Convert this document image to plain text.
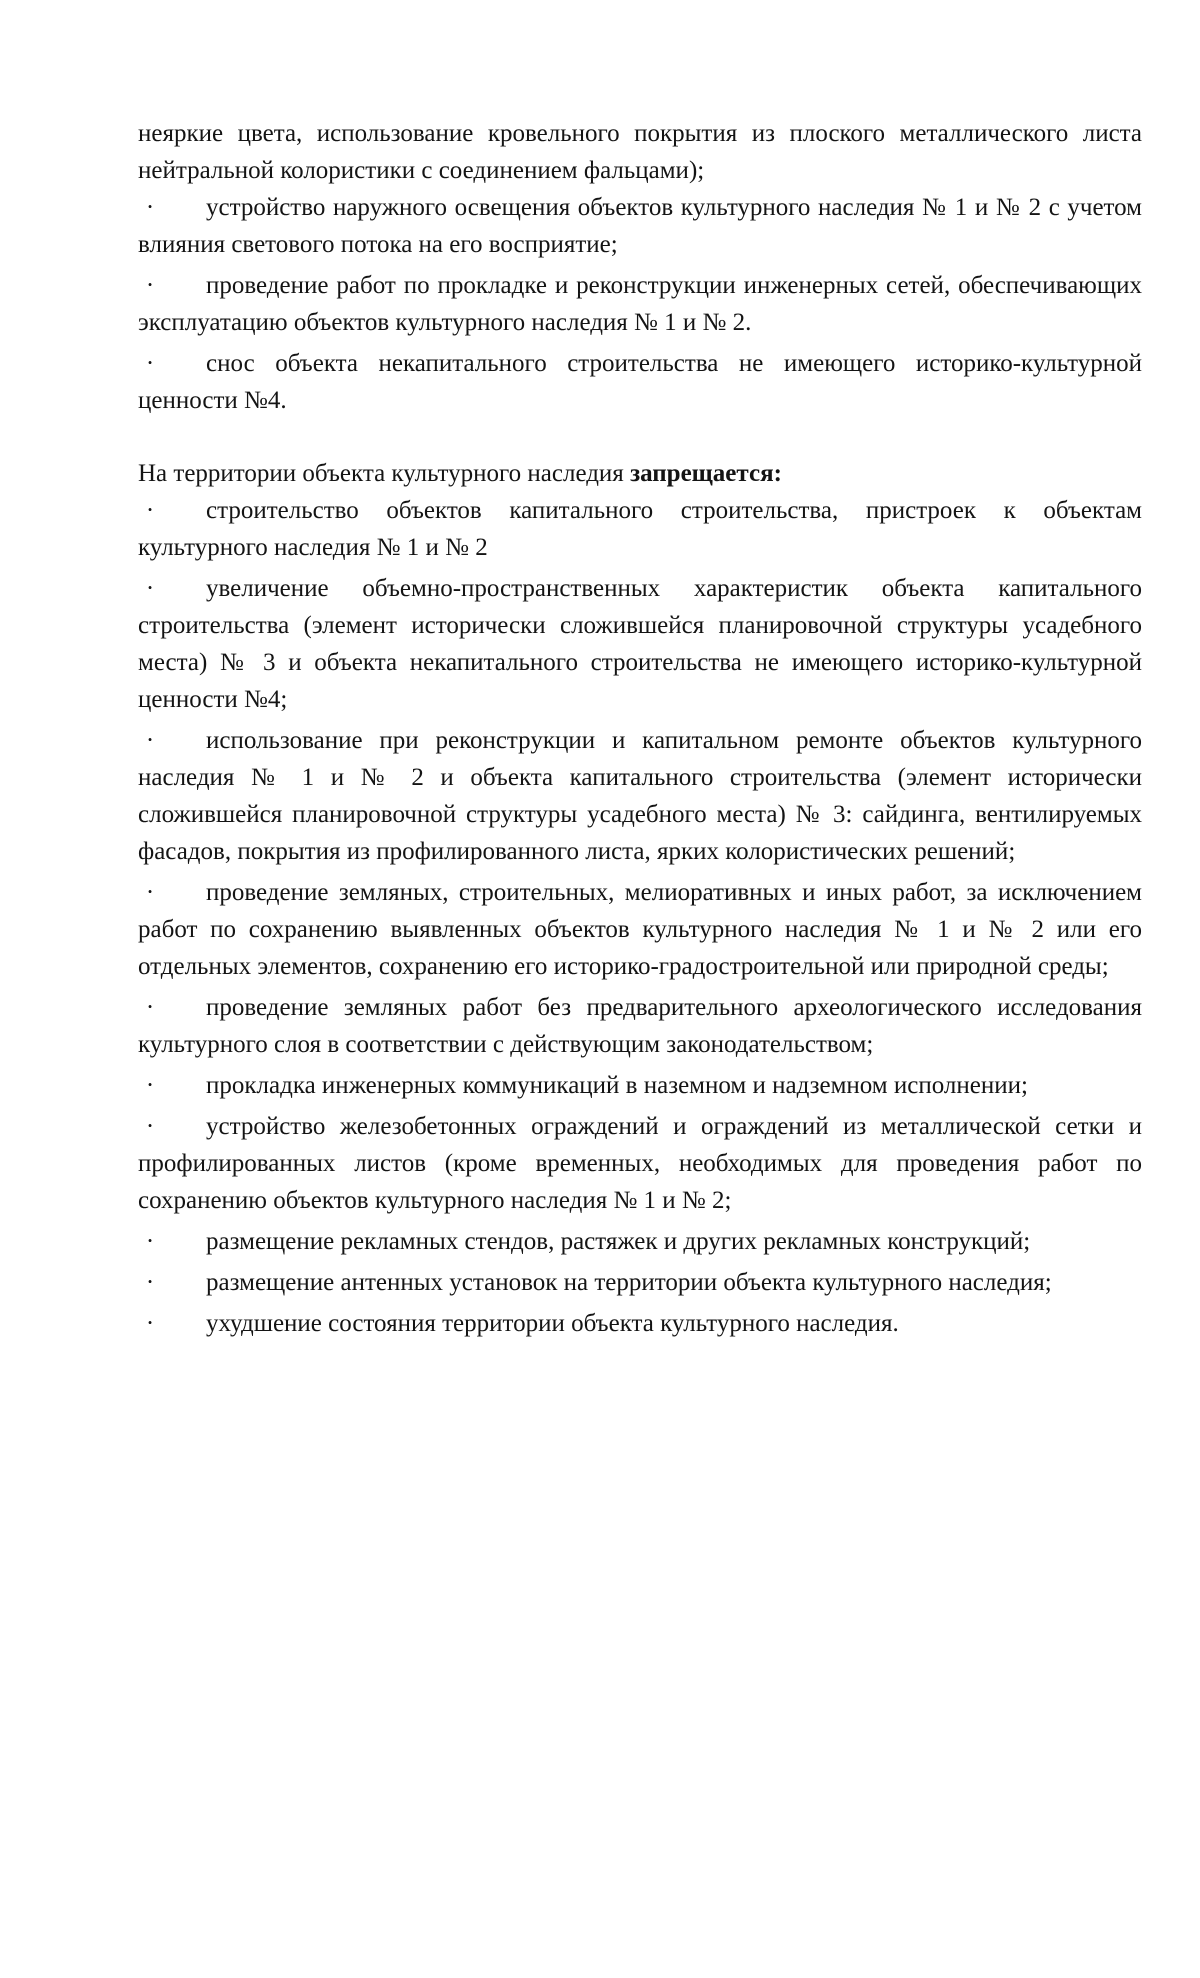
неяркие цвета, использование кровельного покрытия из плоского металлического листа нейтральной колористики с соединением фальцами);

·	устройство наружного освещения объектов культурного наследия № 1 и № 2 с учетом влияния светового потока на его восприятие;
·	проведение работ по прокладке и реконструкции инженерных сетей, обеспечивающих эксплуатацию объектов культурного наследия № 1 и № 2.
·	снос объекта некапитального строительства не имеющего историко-культурной ценности №4.

На территории объекта культурного наследия запрещается:

·	строительство объектов капитального строительства, пристроек к объектам культурного наследия № 1 и № 2
·	увеличение объемно-пространственных характеристик объекта капитального строительства (элемент исторически сложившейся планировочной структуры усадебного места) № 3 и объекта некапитального строительства не имеющего историко-культурной ценности №4;
·	использование при реконструкции и капитальном ремонте объектов культурного наследия № 1 и № 2 и объекта капитального строительства (элемент исторически сложившейся планировочной структуры усадебного места) № 3: сайдинга, вентилируемых фасадов, покрытия из профилированного листа, ярких колористических решений;
·	проведение земляных, строительных, мелиоративных и иных работ, за исключением работ по сохранению выявленных объектов культурного наследия № 1 и № 2 или его отдельных элементов, сохранению его историко-градостроительной или природной среды;
·	проведение земляных работ без предварительного археологического исследования культурного слоя в соответствии с действующим законодательством;
·	прокладка инженерных коммуникаций в наземном и надземном исполнении;
·	устройство железобетонных ограждений и ограждений из металлической сетки и профилированных листов (кроме временных, необходимых для проведения работ по сохранению объектов культурного наследия № 1 и № 2;
·	размещение рекламных стендов, растяжек и других рекламных конструкций;
·	размещение антенных установок на территории объекта культурного наследия;
·	ухудшение состояния территории объекта культурного наследия.
